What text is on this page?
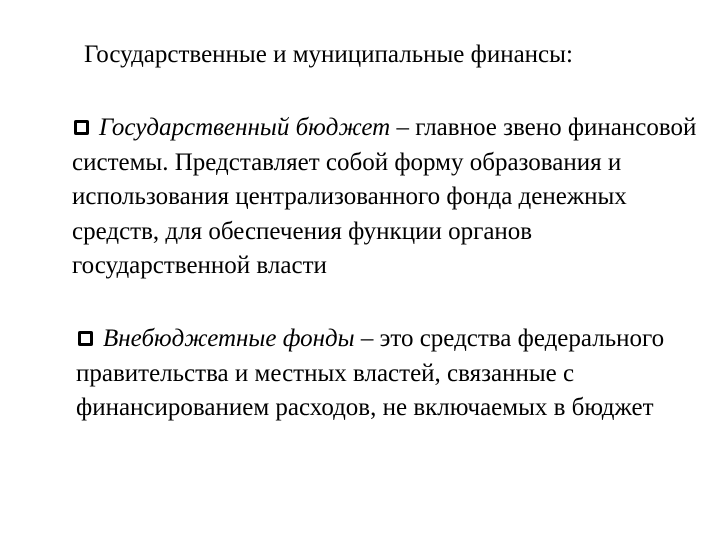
Государственные и муниципальные финансы:

Государственный бюджет – главное звено финансовой системы. Представляет собой форму образования и использования централизованного фонда денежных средств, для обеспечения функции органов государственной власти

Внебюджетные фонды – это средства федерального правительства и местных властей, связанные с финансированием расходов, не включаемых в бюджет
